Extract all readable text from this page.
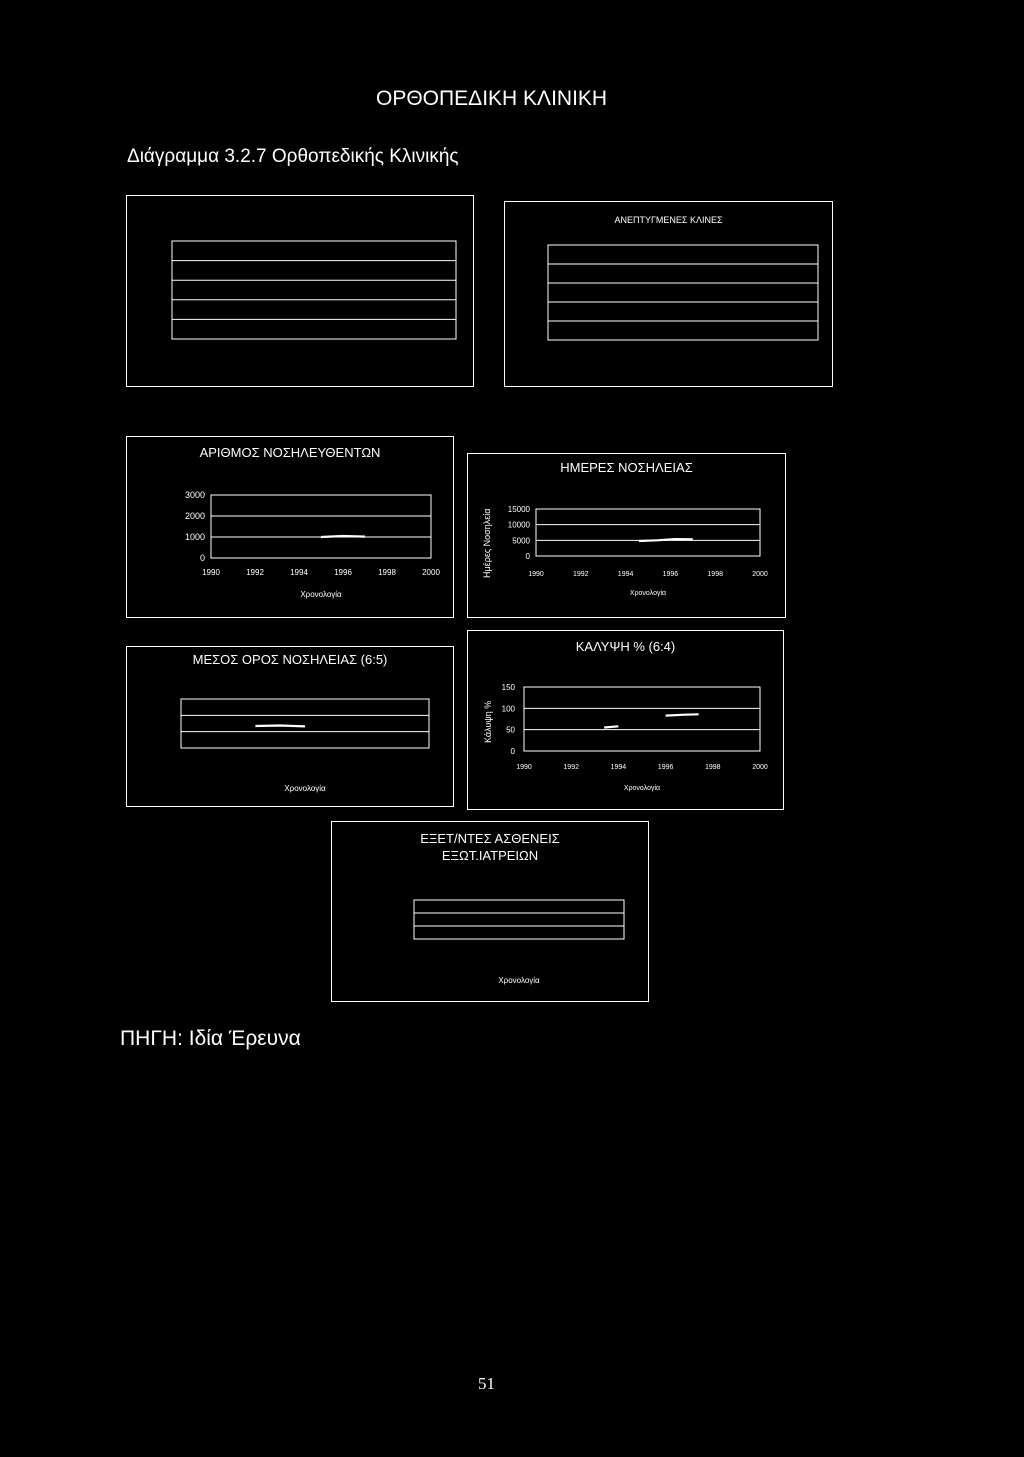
ΟΡΘΟΠΕΔΙΚΗ ΚΛΙΝΙΚΗ
Διάγραμμα 3.2.7 Ορθοπεδικής Κλινικής
ΑΝΕΠΤΥΓΜΕΝΕΣ ΚΛΙΝΕΣ
ΑΡΙΘΜΟΣ ΝΟΣΗΛΕΥΘΕΝΤΩΝ
3000
2000
1000
0
1990	1992	1994	1996	1998	2000
Χρονολογία
ΗΜΕΡΕΣ ΝΟΣΗΛΕΙΑΣ
Ημέρες Νοσηλεία 15000
10000
5000
0
1990	1992	1994	1996	1998	2000
Χρονολογία
ΜΕΣΟΣ ΟΡΟΣ ΝΟΣΗΛΕΙΑΣ (6:5)
Χρονολογία
ΚΑΛΥΨΗ % (6:4)
Κάλυψη %
150
100
50
0
1990	1992	1994	1996	1998	2000
Χρονολογία
ΕΞΕΤ/ΝΤΕΣ ΑΣΘΕΝΕΙΣ
ΕΞΩΤ.ΙΑΤΡΕΙΩΝ
Χρονολογία
ΠΗΓΗ: Ιδία Έρευνα
51
